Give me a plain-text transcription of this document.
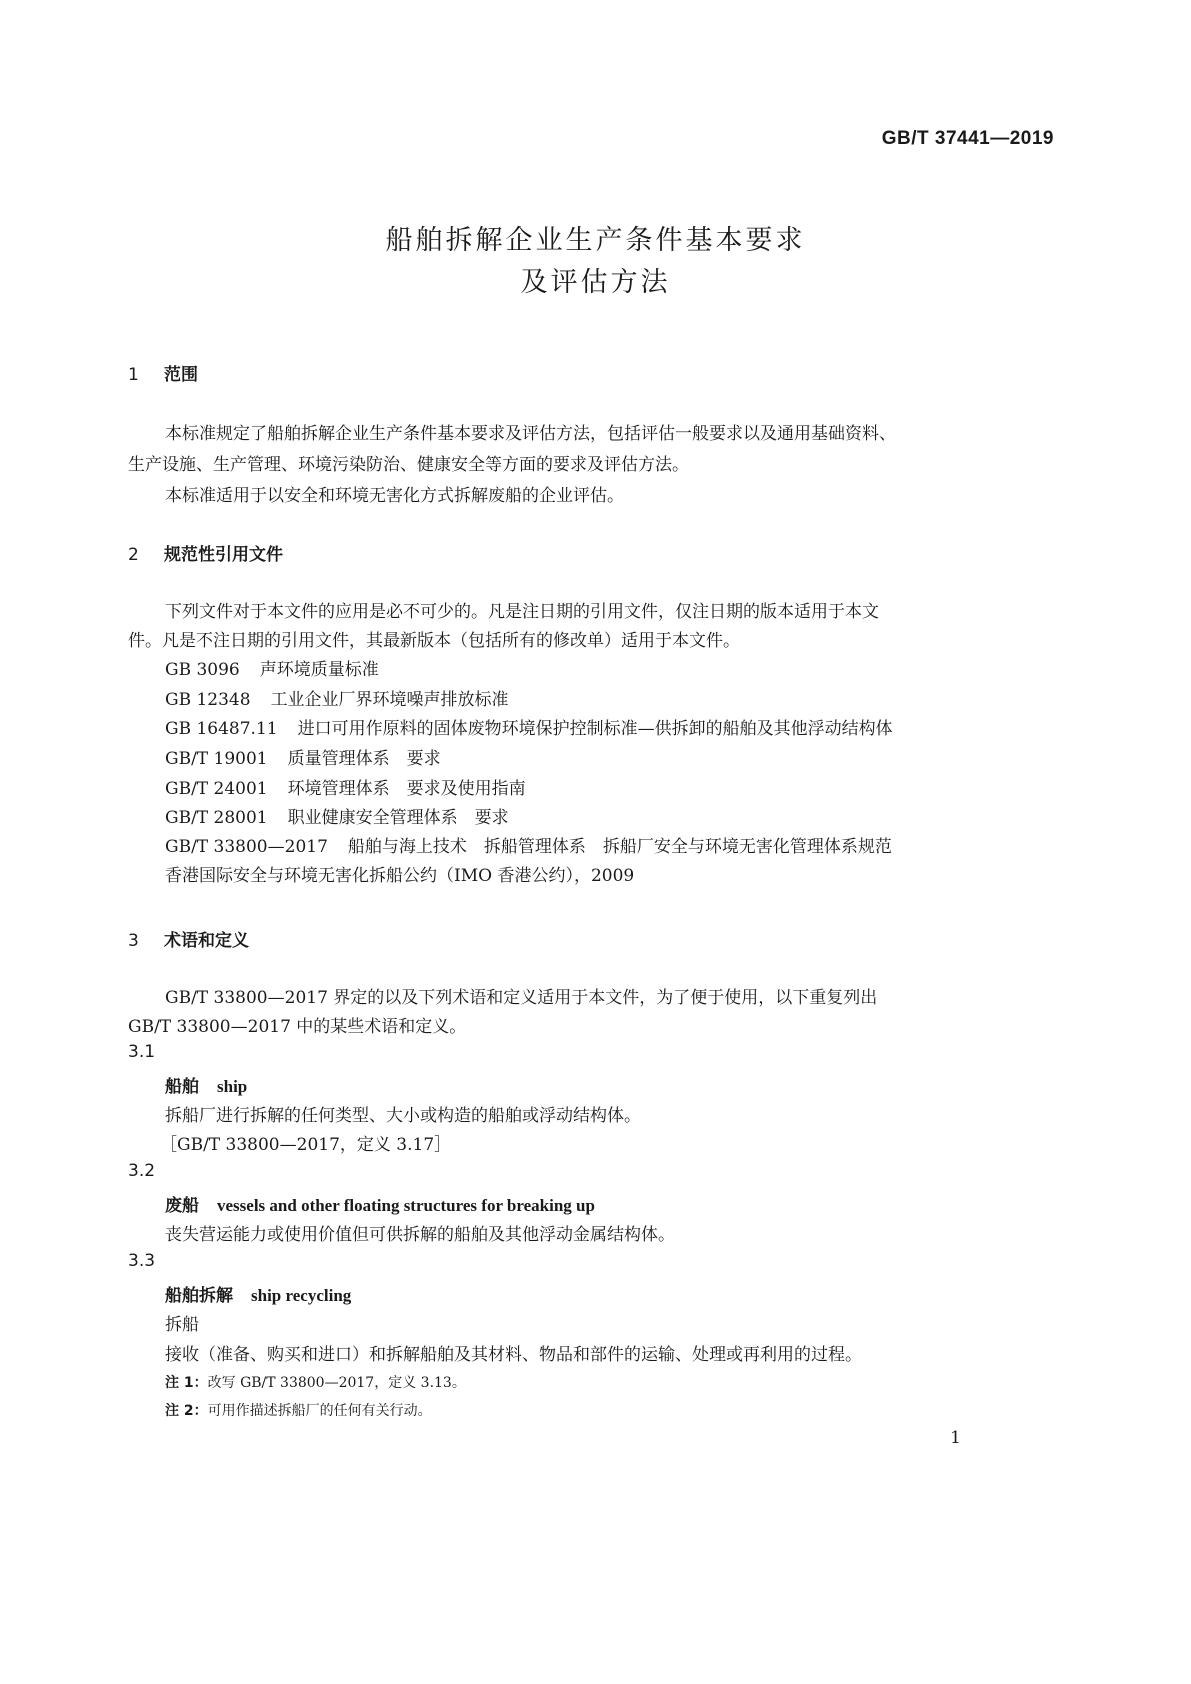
GB/T 37441—2019
船舶拆解企业生产条件基本要求
及评估方法
1 范围
本标准规定了船舶拆解企业生产条件基本要求及评估方法，包括评估一般要求以及通用基础资料、
生产设施、生产管理、环境污染防治、健康安全等方面的要求及评估方法。
本标准适用于以安全和环境无害化方式拆解废船的企业评估。
2 规范性引用文件
下列文件对于本文件的应用是必不可少的。凡是注日期的引用文件，仅注日期的版本适用于本文
件。凡是不注日期的引用文件，其最新版本（包括所有的修改单）适用于本文件。
GB 3096 声环境质量标准
GB 12348 工业企业厂界环境噪声排放标准
GB 16487.11 进口可用作原料的固体废物环境保护控制标准—供拆卸的船舶及其他浮动结构体
GB/T 19001 质量管理体系　要求
GB/T 24001 环境管理体系　要求及使用指南
GB/T 28001 职业健康安全管理体系　要求
GB/T 33800—2017 船舶与海上技术　拆船管理体系　拆船厂安全与环境无害化管理体系规范
香港国际安全与环境无害化拆船公约（IMO 香港公约），2009
3 术语和定义
GB/T 33800—2017 界定的以及下列术语和定义适用于本文件，为了便于使用，以下重复列出
GB/T 33800—2017 中的某些术语和定义。
3.1
船舶 ship
拆船厂进行拆解的任何类型、大小或构造的船舶或浮动结构体。
［GB/T 33800—2017，定义 3.17］
3.2
废船 vessels and other floating structures for breaking up
丧失营运能力或使用价值但可供拆解的船舶及其他浮动金属结构体。
3.3
船舶拆解 ship recycling
拆船
接收（准备、购买和进口）和拆解船舶及其材料、物品和部件的运输、处理或再利用的过程。
注 1：改写 GB/T 33800—2017，定义 3.13。
注 2：可用作描述拆船厂的任何有关行动。
1
